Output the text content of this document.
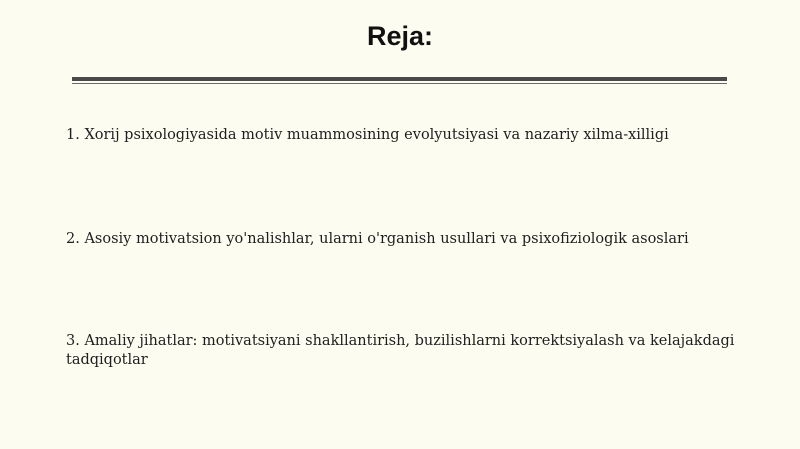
Reja:
1. Xorij psixologiyasida motiv muammosining evolyutsiyasi va nazariy xilma-xilligi
2. Asosiy motivatsion yo'nalishlar, ularni o'rganish usullari va psixofiziologik asoslari
3. Amaliy jihatlar: motivatsiyani shakllantirish, buzilishlarni korrektsiyalash va kelajakdagi tadqiqotlar
